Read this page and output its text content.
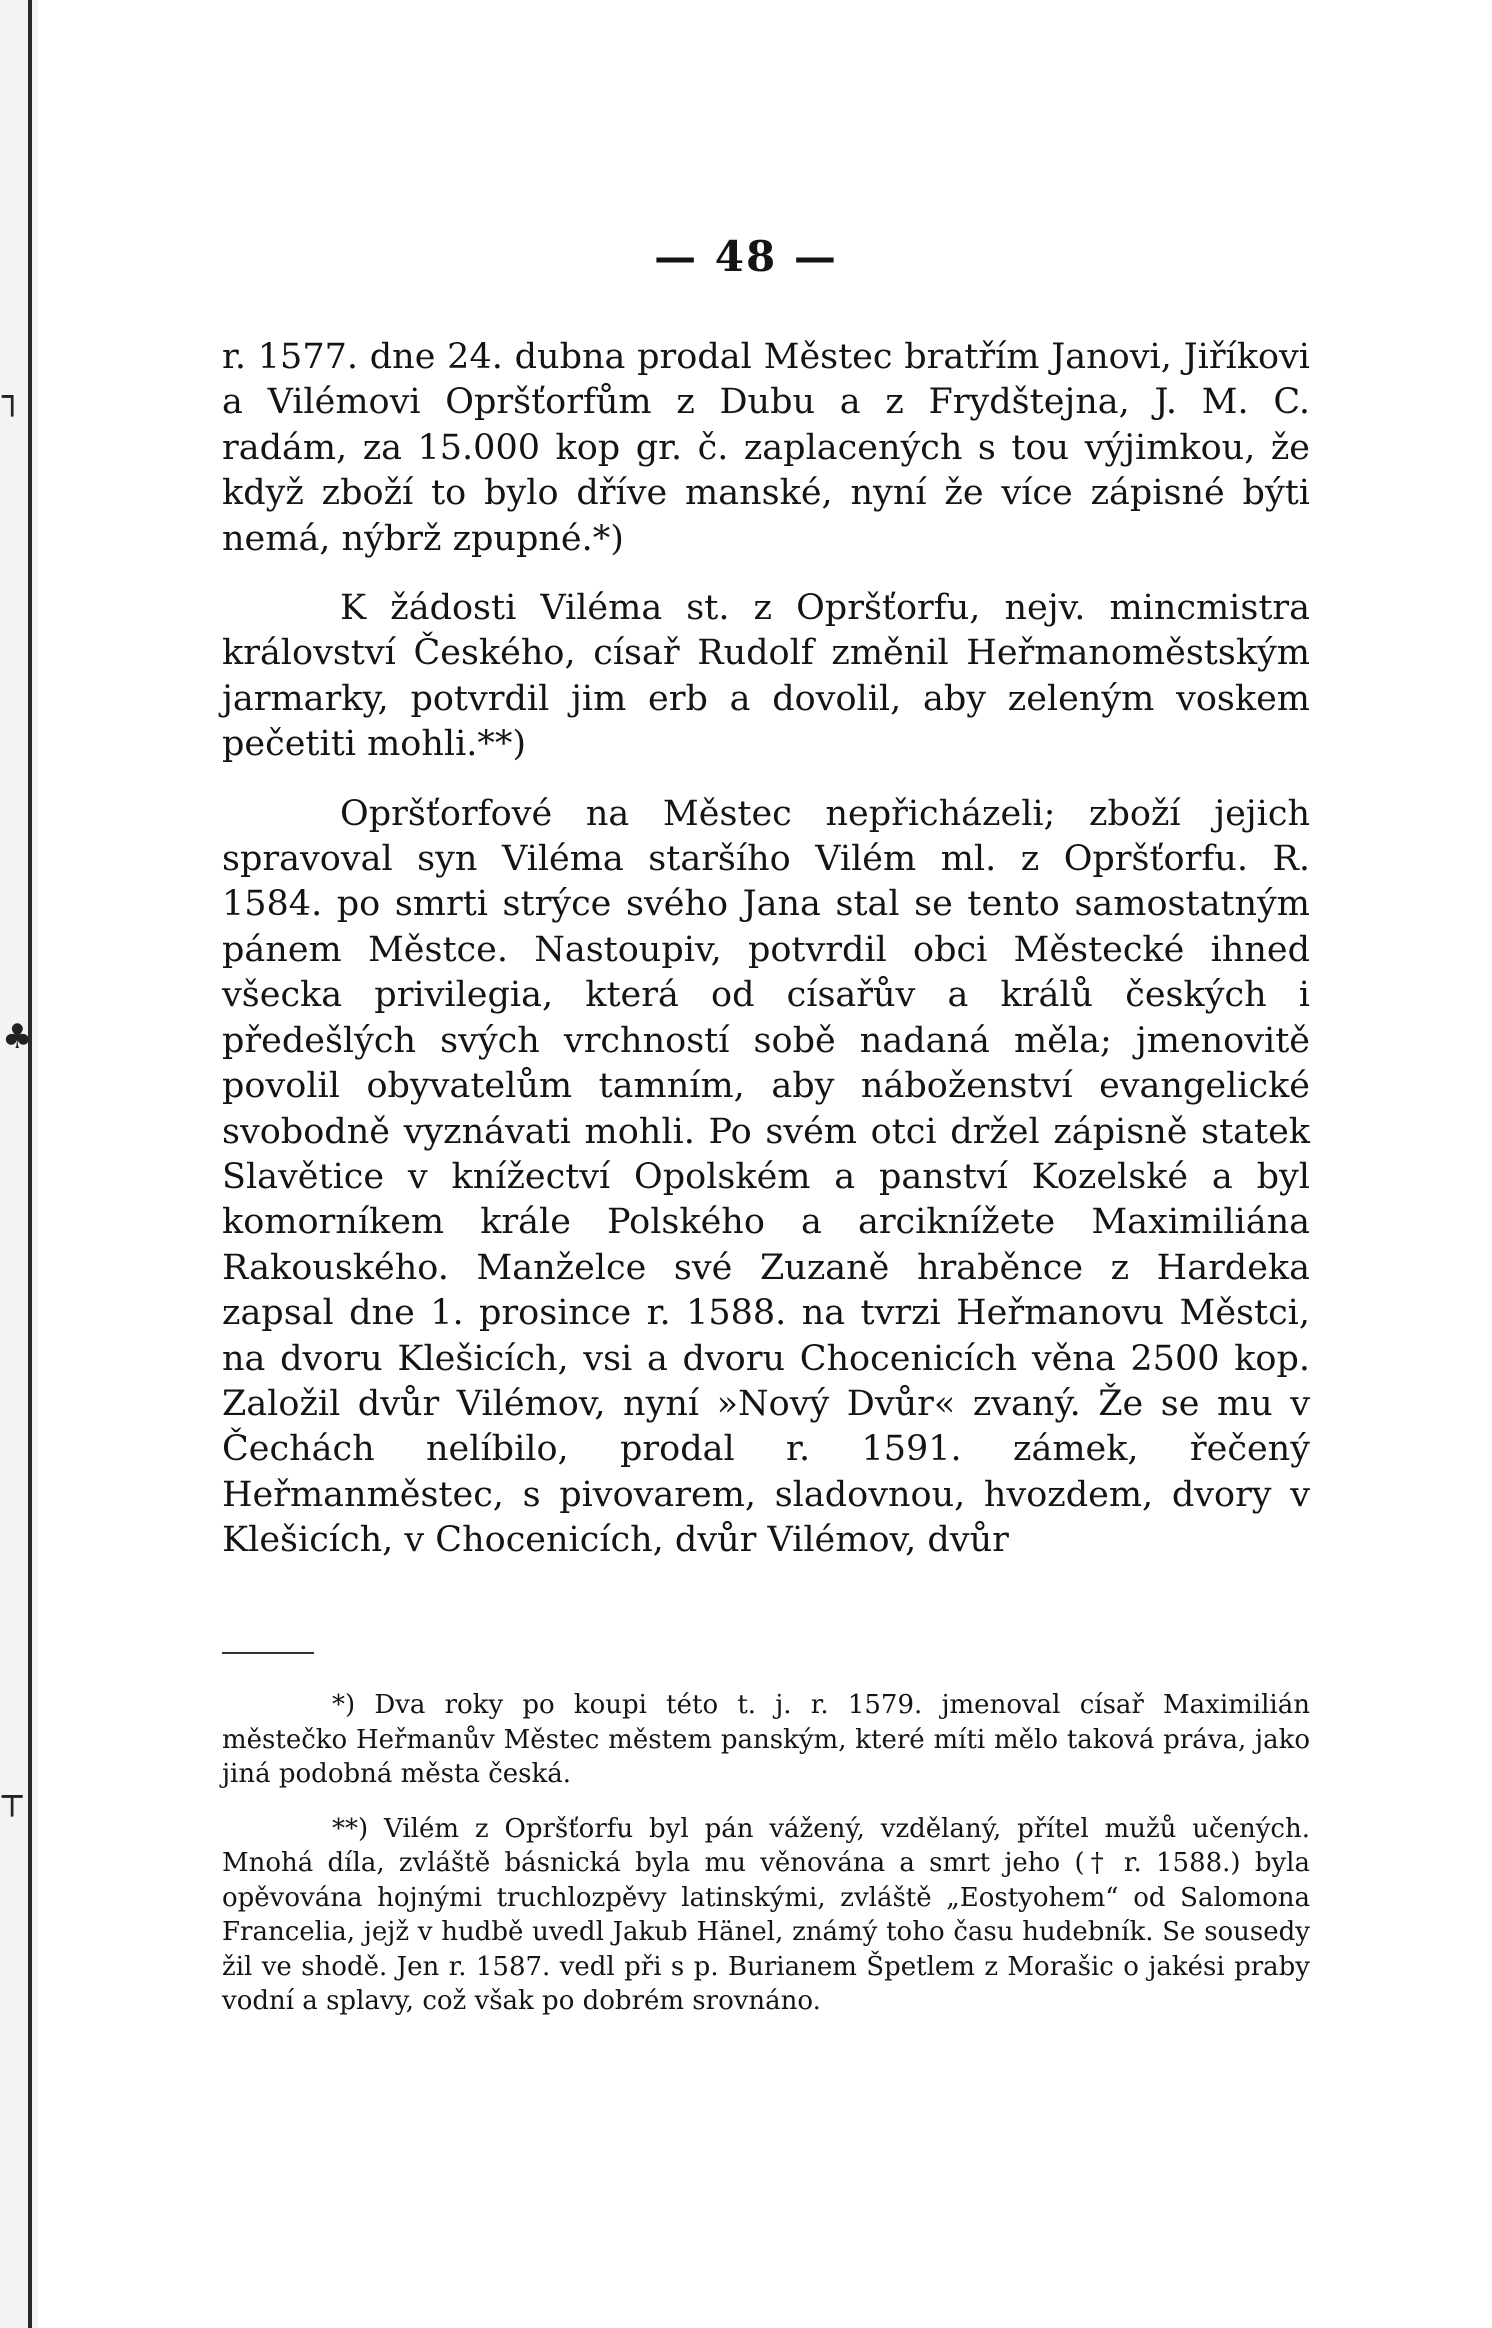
┐
♣
┬
— 48 —

r. 1577. dne 24. dubna prodal Městec bratřím Janovi, Jiříkovi a Vilémovi Opršťorfům z Dubu a z Frydštejna, J. M. C. radám, za 15.000 kop gr. č. zaplacených s tou výjimkou, že když zboží to bylo dříve manské, nyní že více zápisné býti nemá, nýbrž zpupné.*)

K žádosti Viléma st. z Opršťorfu, nejv. mincmistra království Českého, císař Rudolf změnil Heřmanoměstským jarmarky, potvrdil jim erb a dovolil, aby zeleným voskem pečetiti mohli.**)

Opršťorfové na Městec nepřicházeli; zboží jejich spravoval syn Viléma staršího Vilém ml. z Opršťorfu. R. 1584. po smrti strýce svého Jana stal se tento samostatným pánem Městce. Nastoupiv, potvrdil obci Městecké ihned všecka privilegia, která od císařův a králů českých i předešlých svých vrchností sobě nadaná měla; jmenovitě povolil obyvatelům tamním, aby náboženství evangelické svobodně vyznávati mohli. Po svém otci držel zápisně statek Slavětice v knížectví Opolském a panství Kozelské a byl komorníkem krále Polského a arciknížete Maximiliána Rakouského. Manželce své Zuzaně hraběnce z Hardeka zapsal dne 1. prosince r. 1588. na tvrzi Heřmanovu Městci, na dvoru Klešicích, vsi a dvoru Chocenicích věna 2500 kop. Založil dvůr Vilémov, nyní »Nový Dvůr« zvaný. Že se mu v Čechách nelíbilo, prodal r. 1591. zámek, řečený Heřmanměstec, s pivovarem, sladovnou, hvozdem, dvory v Klešicích, v Chocenicích, dvůr Vilémov, dvůr

*) Dva roky po koupi této t. j. r. 1579. jmenoval císař Maximilián městečko Heřmanův Městec městem panským, které míti mělo taková práva, jako jiná podobná města česká.

**) Vilém z Opršťorfu byl pán vážený, vzdělaný, přítel mužů učených. Mnohá díla, zvláště básnická byla mu věnována a smrt jeho († r. 1588.) byla opěvována hojnými truchlozpěvy latinskými, zvláště „Eostyohem“ od Salomona Francelia, jejž v hudbě uvedl Jakub Hänel, známý toho času hudebník. Se sousedy žil ve shodě. Jen r. 1587. vedl při s p. Burianem Špetlem z Morašic o jakési praby vodní a splavy, což však po dobrém srovnáno.
